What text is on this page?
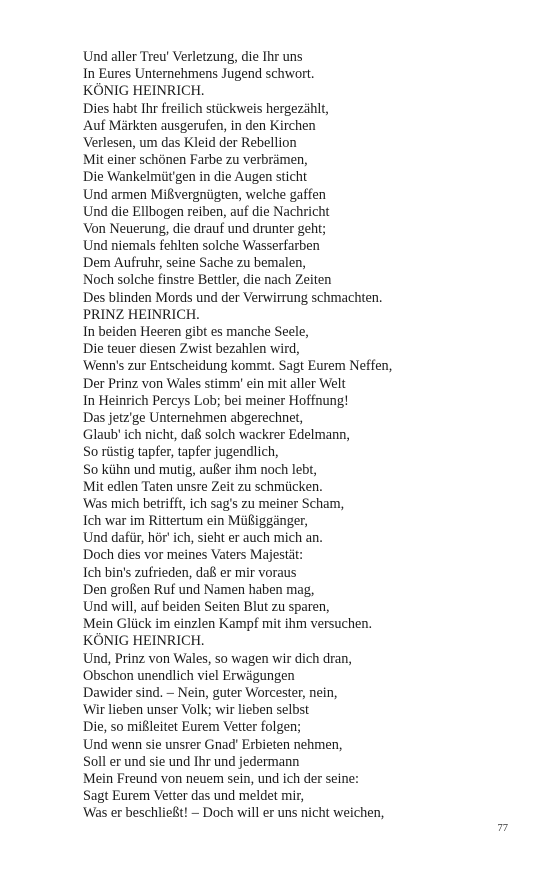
Und aller Treu' Verletzung, die Ihr uns
In Eures Unternehmens Jugend schwort.
KÖNIG HEINRICH.
Dies habt Ihr freilich stückweis hergezählt,
Auf Märkten ausgerufen, in den Kirchen
Verlesen, um das Kleid der Rebellion
Mit einer schönen Farbe zu verbrämen,
Die Wankelmüt'gen in die Augen sticht
Und armen Mißvergnügten, welche gaffen
Und die Ellbogen reiben, auf die Nachricht
Von Neuerung, die drauf und drunter geht;
Und niemals fehlten solche Wasserfarben
Dem Aufruhr, seine Sache zu bemalen,
Noch solche finstre Bettler, die nach Zeiten
Des blinden Mords und der Verwirrung schmachten.
PRINZ HEINRICH.
In beiden Heeren gibt es manche Seele,
Die teuer diesen Zwist bezahlen wird,
Wenn's zur Entscheidung kommt. Sagt Eurem Neffen,
Der Prinz von Wales stimm' ein mit aller Welt
In Heinrich Percys Lob; bei meiner Hoffnung!
Das jetz'ge Unternehmen abgerechnet,
Glaub' ich nicht, daß solch wackrer Edelmann,
So rüstig tapfer, tapfer jugendlich,
So kühn und mutig, außer ihm noch lebt,
Mit edlen Taten unsre Zeit zu schmücken.
Was mich betrifft, ich sag's zu meiner Scham,
Ich war im Rittertum ein Müßiggänger,
Und dafür, hör' ich, sieht er auch mich an.
Doch dies vor meines Vaters Majestät:
Ich bin's zufrieden, daß er mir voraus
Den großen Ruf und Namen haben mag,
Und will, auf beiden Seiten Blut zu sparen,
Mein Glück im einzlen Kampf mit ihm versuchen.
KÖNIG HEINRICH.
Und, Prinz von Wales, so wagen wir dich dran,
Obschon unendlich viel Erwägungen
Dawider sind. – Nein, guter Worcester, nein,
Wir lieben unser Volk; wir lieben selbst
Die, so mißleitet Eurem Vetter folgen;
Und wenn sie unsrer Gnad' Erbieten nehmen,
Soll er und sie und Ihr und jedermann
Mein Freund von neuem sein, und ich der seine:
Sagt Eurem Vetter das und meldet mir,
Was er beschließt! – Doch will er uns nicht weichen,
77
